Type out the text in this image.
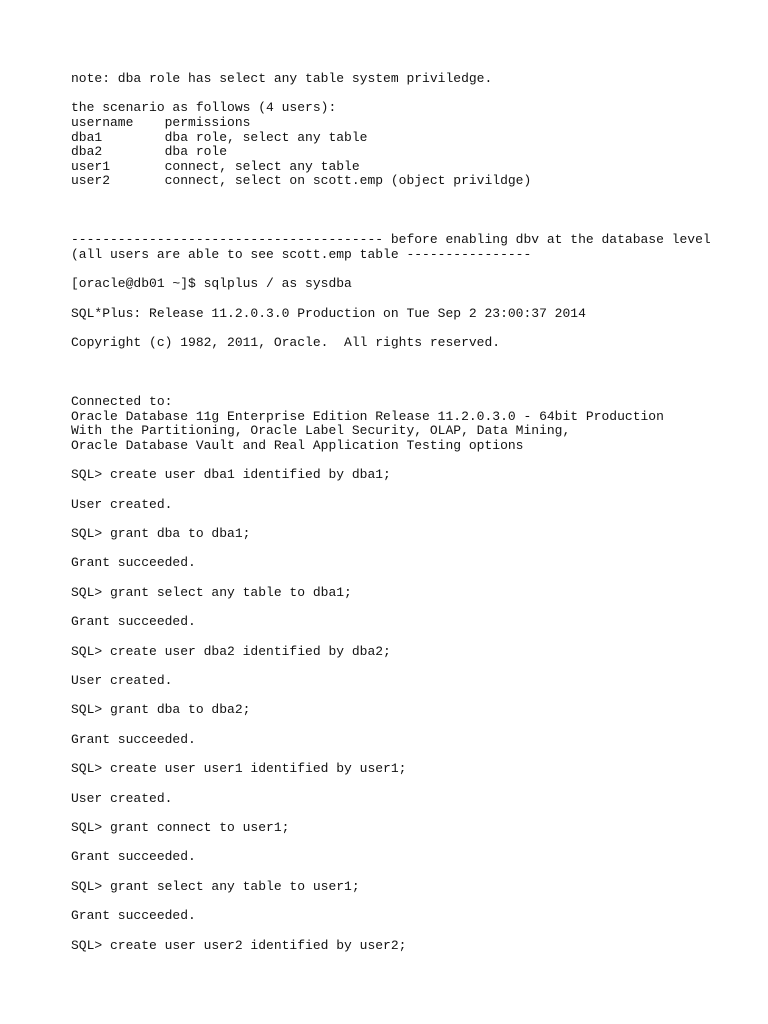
note: dba role has select any table system priviledge.
the scenario as follows (4 users):
username    permissions
dba1        dba role, select any table
dba2        dba role
user1       connect, select any table
user2       connect, select on scott.emp (object privildge)
---------------------------------------- before enabling dbv at the database level
(all users are able to see scott.emp table ----------------
[oracle@db01 ~]$ sqlplus / as sysdba
SQL*Plus: Release 11.2.0.3.0 Production on Tue Sep 2 23:00:37 2014
Copyright (c) 1982, 2011, Oracle.  All rights reserved.
Connected to:
Oracle Database 11g Enterprise Edition Release 11.2.0.3.0 - 64bit Production
With the Partitioning, Oracle Label Security, OLAP, Data Mining,
Oracle Database Vault and Real Application Testing options
SQL> create user dba1 identified by dba1;
User created.
SQL> grant dba to dba1;
Grant succeeded.
SQL> grant select any table to dba1;
Grant succeeded.
SQL> create user dba2 identified by dba2;
User created.
SQL> grant dba to dba2;
Grant succeeded.
SQL> create user user1 identified by user1;
User created.
SQL> grant connect to user1;
Grant succeeded.
SQL> grant select any table to user1;
Grant succeeded.
SQL> create user user2 identified by user2;
